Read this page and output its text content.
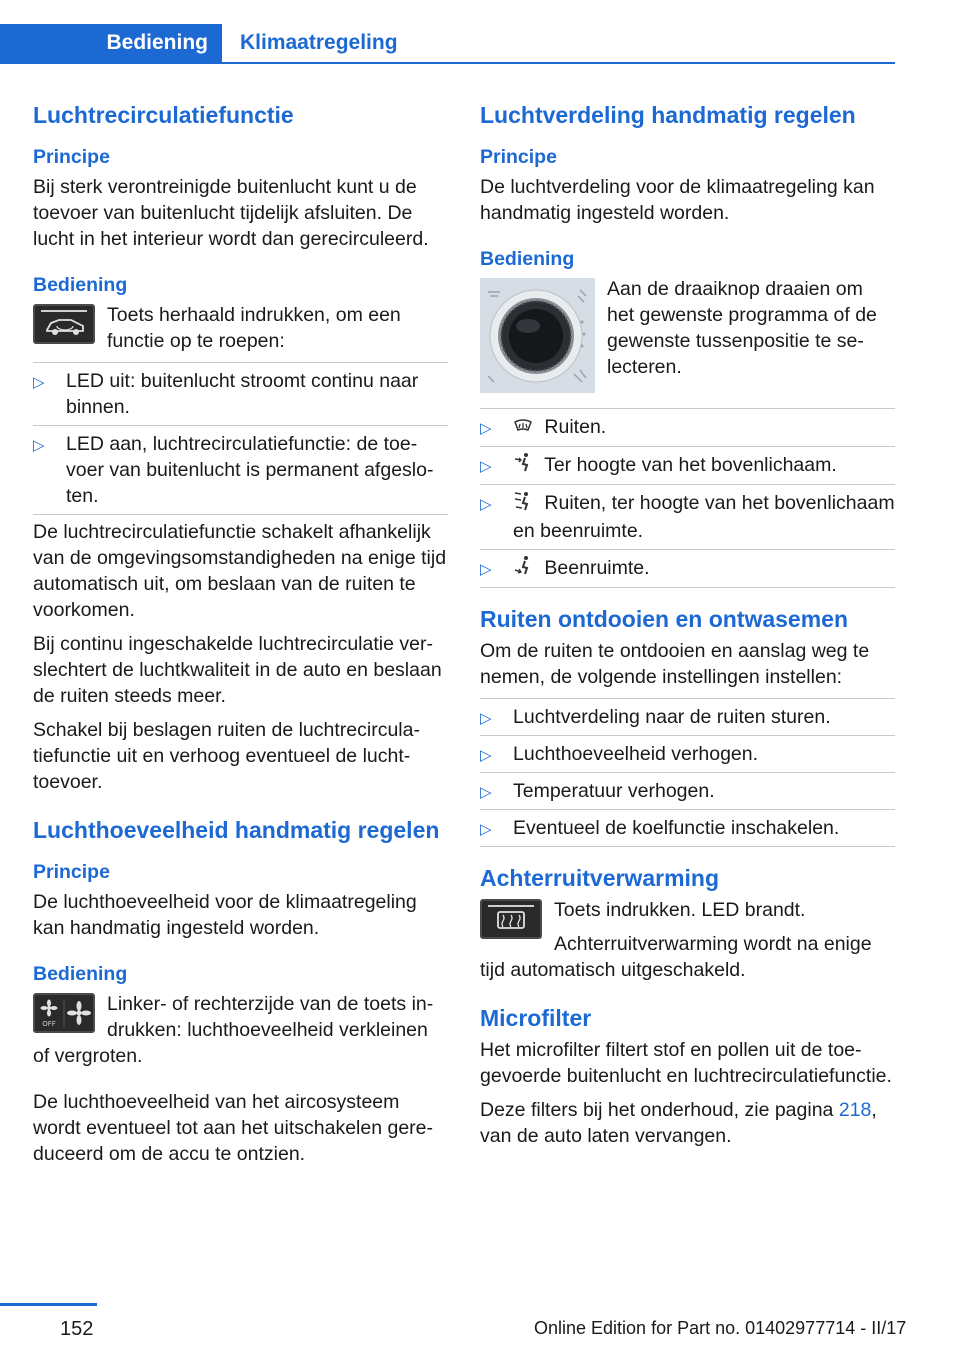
Bediening	Klimaatregeling
Luchtrecirculatiefunctie
Principe

Bij sterk verontreinigde buitenlucht kunt u de toevoer van buitenlucht tijdelijk afsluiten. De lucht in het interieur wordt dan gerecirculeerd.

Bediening

Toets herhaald indrukken, om een functie op te roepen:

▷ LED uit: buitenlucht stroomt continu naar binnen.
▷ LED aan, luchtrecirculatiefunctie: de toevoer van buitenlucht is permanent afgesloten.

De luchtrecirculatiefunctie schakelt afhankelijk van de omgevingsomstandigheden na enige tijd automatisch uit, om beslaan van de ruiten te voorkomen.

Bij continu ingeschakelde luchtrecirculatie verslechtert de luchtkwaliteit in de auto en beslaan de ruiten steeds meer.

Schakel bij beslagen ruiten de luchtrecirculatiefunctie uit en verhoog eventueel de luchttoevoer.

Luchthoeveelheid handmatig regelen
Principe

De luchthoeveelheid voor de klimaatregeling kan handmatig ingesteld worden.

Bediening
OFF

Linker- of rechterzijde van de toets indrukken: luchthoeveelheid verkleinen of vergroten.

De luchthoeveelheid van het aircosysteem wordt eventueel tot aan het uitschakelen gereduceerd om de accu te ontzien.

Luchtverdeling handmatig regelen
Principe

De luchtverdeling voor de klimaatregeling kan handmatig ingesteld worden.

Bediening

Aan de draaiknop draaien om het gewenste programma of de gewenste tussenpositie te selecteren.

▷	Ruiten.
▷	Ter hoogte van het bovenlichaam.
▷	Ruiten, ter hoogte van het bovenlichaam en beenruimte.
▷	Beenruimte.
Ruiten ontdooien en ontwasemen

Om de ruiten te ontdooien en aanslag weg te nemen, de volgende instellingen instellen:

▷ Luchtverdeling naar de ruiten sturen.
▷ Luchthoeveelheid verhogen.
▷ Temperatuur verhogen.
▷ Eventueel de koelfunctie inschakelen.
Achterruitverwarming

Toets indrukken. LED brandt.

Achterruitverwarming wordt na enige tijd automatisch uitgeschakeld.

Microfilter

Het microfilter filtert stof en pollen uit de toegevoerde buitenlucht en luchtrecirculatiefunctie.

Deze filters bij het onderhoud, zie pagina 218, van de auto laten vervangen.

152	Online Edition for Part no. 01402977714 - II/17
